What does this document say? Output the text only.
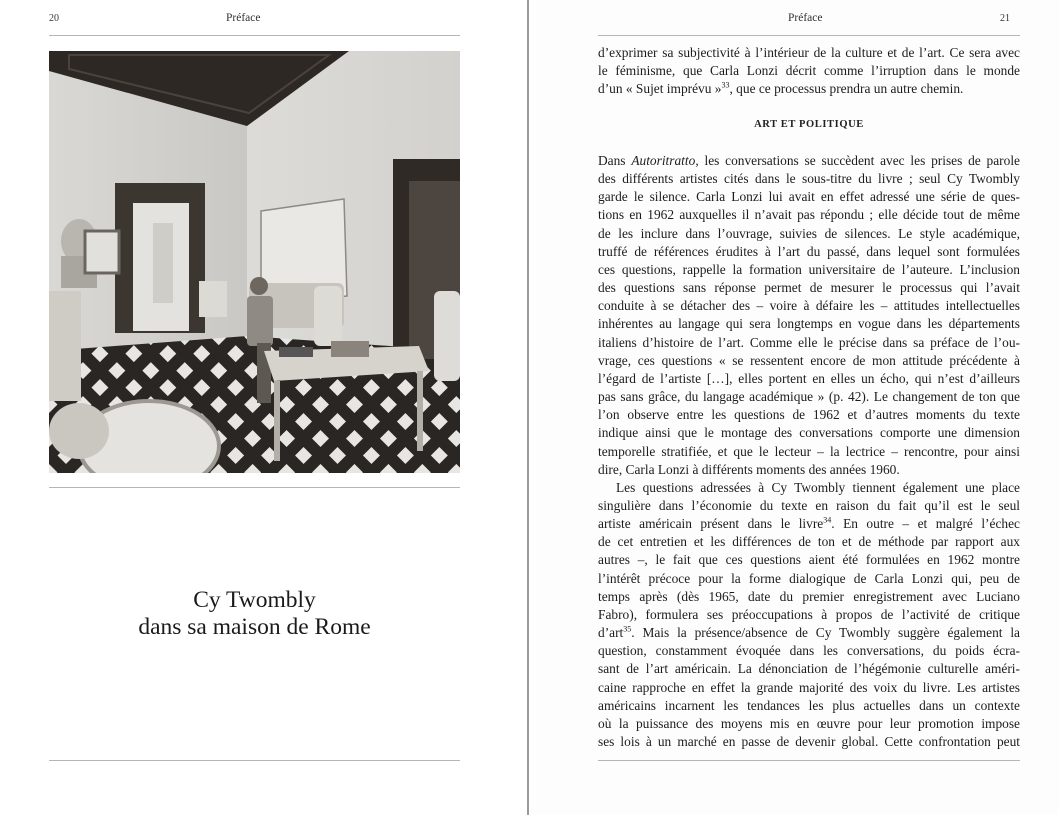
20	Préface
Cy Twombly
dans sa maison de Rome
Préface	21
d’exprimer sa subjectivité à l’intérieur de la culture et de l’art. Ce sera avec
le féminisme, que Carla Lonzi décrit comme l’irruption dans le monde
d’un « Sujet imprévu »$^{33}$, que ce processus prendra un autre chemin.
ART ET POLITIQUE
Dans Autoritratto, les conversations se succèdent avec les prises de parole
des différents artistes cités dans le sous-titre du livre ; seul Cy Twombly
garde le silence. Carla Lonzi lui avait en effet adressé une série de ques-
tions en 1962 auxquelles il n’avait pas répondu ; elle décide tout de même
de les inclure dans l’ouvrage, suivies de silences. Le style académique,
truffé de références érudites à l’art du passé, dans lequel sont formulées
ces questions, rappelle la formation universitaire de l’auteure. L’inclusion
des questions sans réponse permet de mesurer le processus qui l’avait
conduite à se détacher des – voire à défaire les – attitudes intellectuelles
inhérentes au langage qui sera longtemps en vogue dans les départements
italiens d’histoire de l’art. Comme elle le précise dans sa préface de l’ou-
vrage, ces questions « se ressentent encore de mon attitude précédente à
l’égard de l’artiste […], elles portent en elles un écho, qui n’est d’ailleurs
pas sans grâce, du langage académique » (p. 42). Le changement de ton que
l’on observe entre les questions de 1962 et d’autres moments du texte
indique ainsi que le montage des conversations comporte une dimension
temporelle stratifiée, et que le lecteur – la lectrice – rencontre, pour ainsi
dire, Carla Lonzi à différents moments des années 1960.
Les questions adressées à Cy Twombly tiennent également une place
singulière dans l’économie du texte en raison du fait qu’il est le seul
artiste américain présent dans le livre$^{34}$. En outre – et malgré l’échec
de cet entretien et les différences de ton et de méthode par rapport aux
autres –, le fait que ces questions aient été formulées en 1962 montre
l’intérêt précoce pour la forme dialogique de Carla Lonzi qui, peu de
temps après (dès 1965, date du premier enregistrement avec Luciano
Fabro), formulera ses préoccupations à propos de l’activité de critique
d’art$^{35}$. Mais la présence/absence de Cy Twombly suggère également la
question, constamment évoquée dans les conversations, du poids écra-
sant de l’art américain. La dénonciation de l’hégémonie culturelle améri-
caine rapproche en effet la grande majorité des voix du livre. Les artistes
américains incarnent les tendances les plus actuelles dans un contexte
où la puissance des moyens mis en œuvre pour leur promotion impose
ses lois à un marché en passe de devenir global. Cette confrontation peut
